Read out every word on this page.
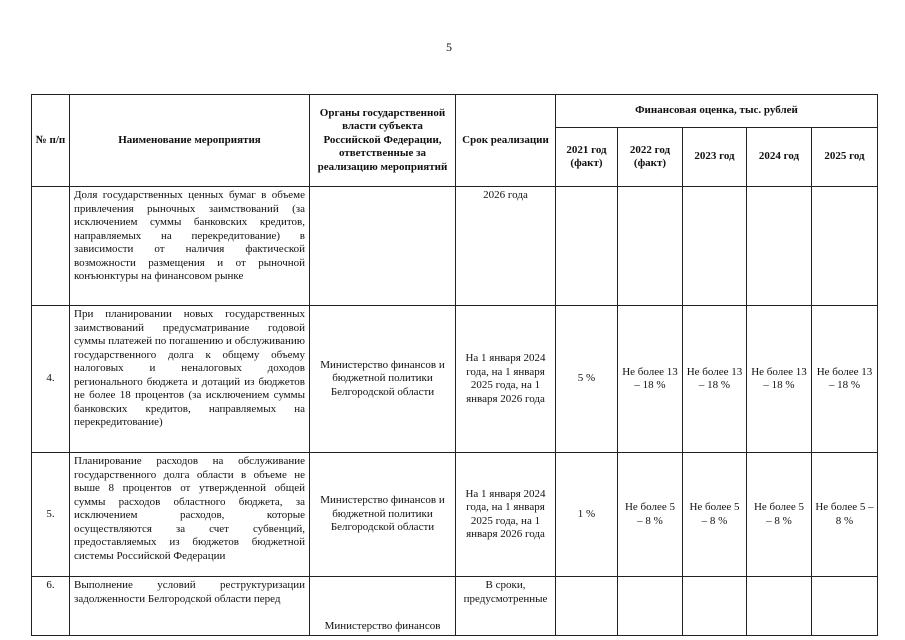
5
№ п/п	Наименование мероприятия	Органы государственной власти субъекта Российской Федерации, ответственные за реализацию мероприятий	Срок реализации	Финансовая оценка, тыс. рублей				
				2021 год (факт)	2022 год (факт)	2023 год	2024 год	2025 год
	Доля государственных ценных бумаг в объеме привлечения рыночных заимствований (за исключением суммы банковских кредитов, направляемых на перекредитование) в зависимости от наличия фактической возможности размещения и от рыночной конъюнктуры на финансовом рынке		2026 года					
4.	При планировании новых государственных заимствований предусматривание годовой суммы платежей по погашению и обслуживанию государственного долга к общему объему налоговых и неналоговых доходов регионального бюджета и дотаций из бюджетов не более 18 процентов (за исключением суммы банковских кредитов, направляемых на перекредитование)	Министерство финансов и бюджетной политики Белгородской области	На 1 января 2024 года, на 1 января 2025 года, на 1 января 2026 года	5 %	Не более 13 – 18 %	Не более 13 – 18 %	Не более 13 – 18 %	Не более 13 – 18 %
5.	Планирование расходов на обслуживание государственного долга области в объеме не выше 8 процентов от утвержденной общей суммы расходов областного бюджета, за исключением расходов, которые осуществляются за счет субвенций, предоставляемых из бюджетов бюджетной системы Российской Федерации	Министерство финансов и бюджетной политики Белгородской области	На 1 января 2024 года, на 1 января 2025 года, на 1 января 2026 года	1 %	Не более 5 – 8 %	Не более 5 – 8 %	Не более 5 – 8 %	Не более 5 – 8 %
6.	Выполнение условий реструктуризации задолженности Белгородской области перед	Министерство финансов	В сроки, предусмотренные					
